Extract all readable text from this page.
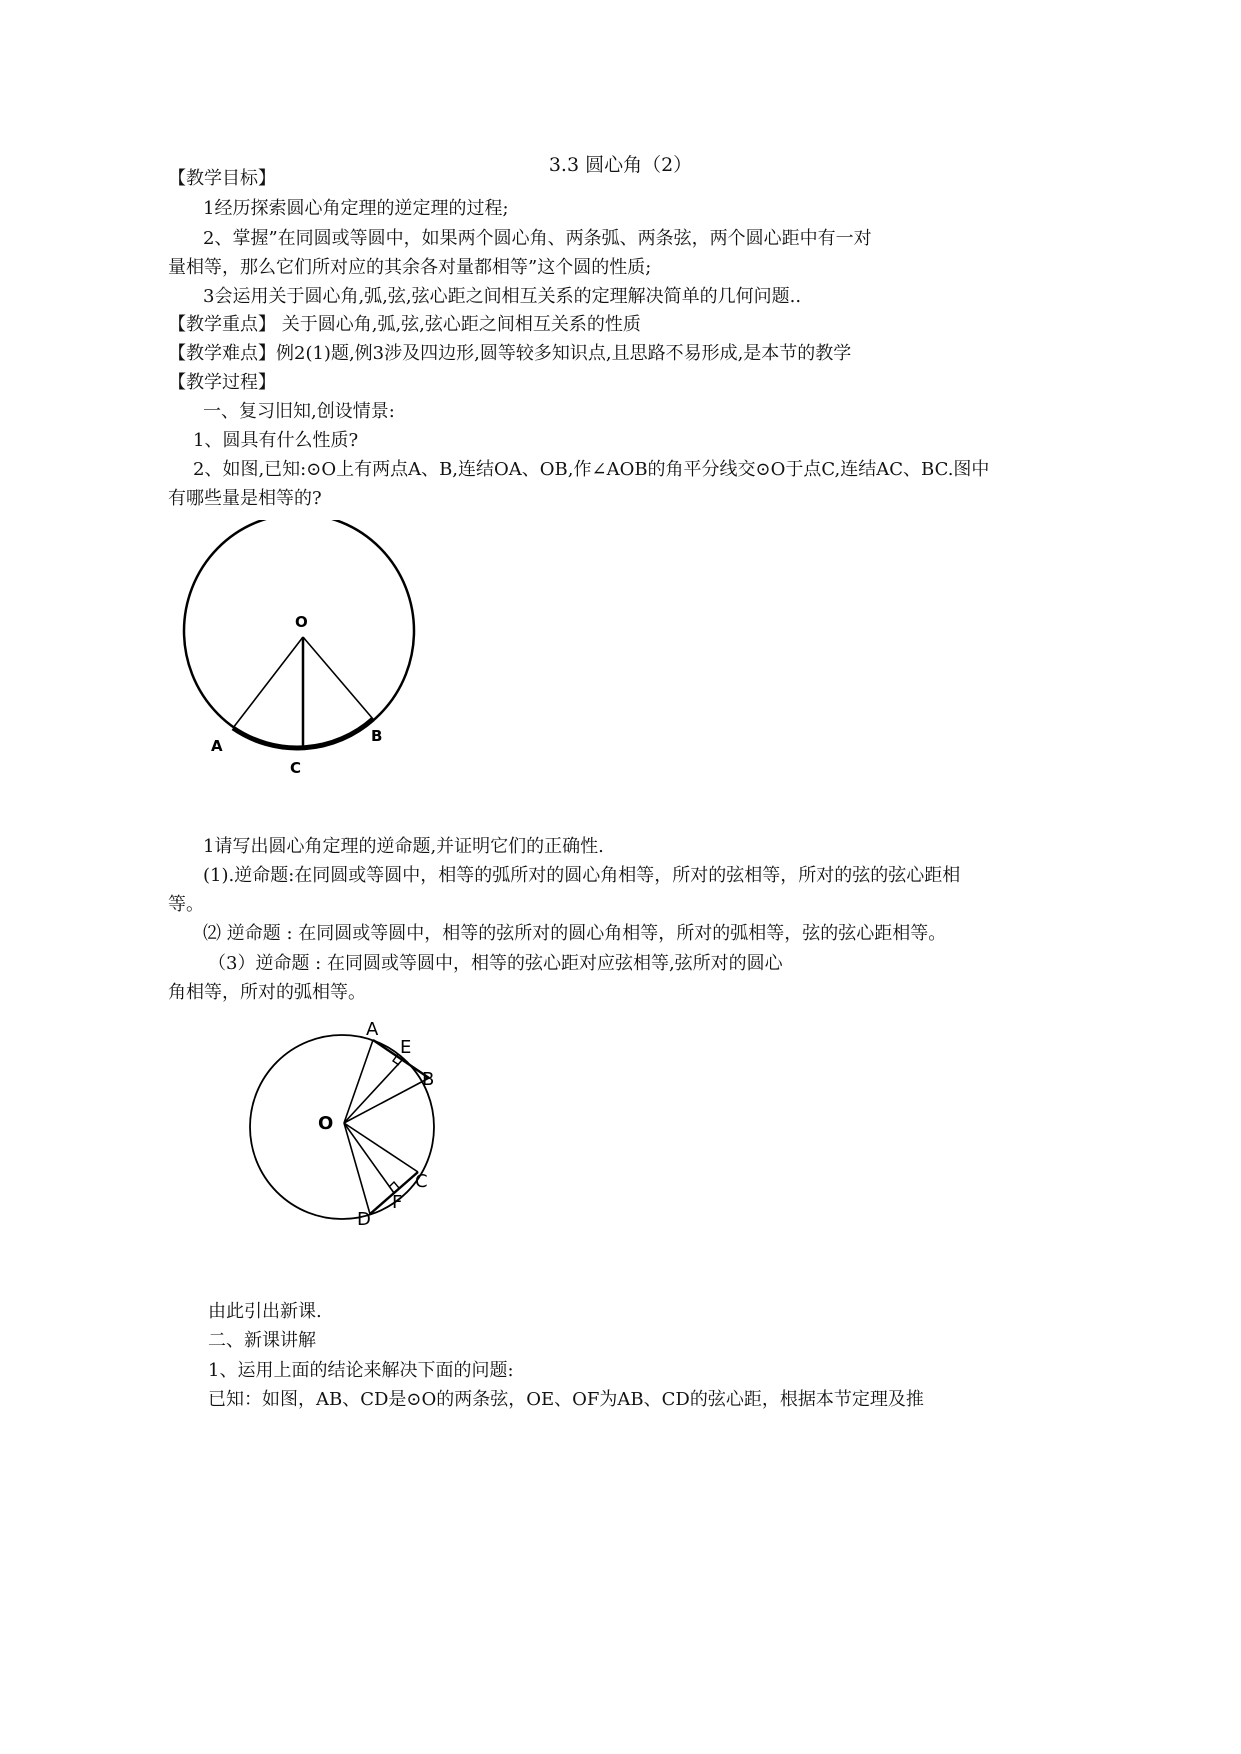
3.3 圆心角（2）
【教学目标】
1经历探索圆心角定理的逆定理的过程;
2、掌握”在同圆或等圆中，如果两个圆心角、两条弧、两条弦，两个圆心距中有一对
量相等，那么它们所对应的其余各对量都相等”这个圆的性质;
3会运用关于圆心角,弧,弦,弦心距之间相互关系的定理解决简单的几何问题..
【教学重点】 关于圆心角,弧,弦,弦心距之间相互关系的性质
【教学难点】例2(1)题,例3涉及四边形,圆等较多知识点,且思路不易形成,是本节的教学
【教学过程】
一、复习旧知,创设情景:
1、圆具有什么性质?
2、如图,已知:⊙O上有两点A、B,连结OA、OB,作∠AOB的角平分线交⊙O于点C,连结AC、BC.图中
有哪些量是相等的?
O
A
B
C
1请写出圆心角定理的逆命题,并证明它们的正确性.
(1).逆命题:在同圆或等圆中，相等的弧所对的圆心角相等，所对的弦相等，所对的弦的弦心距相
等。
⑵ 逆命题 : 在同圆或等圆中，相等的弦所对的圆心角相等，所对的弧相等，弦的弦心距相等。
（3）逆命题 : 在同圆或等圆中，相等的弦心距对应弦相等,弦所对的圆心
角相等，所对的弧相等。
O
A
E
B
C
F
D
由此引出新课.
二、新课讲解
1、运用上面的结论来解决下面的问题:
已知：如图，AB、CD是⊙O的两条弦，OE、OF为AB、CD的弦心距，根据本节定理及推
